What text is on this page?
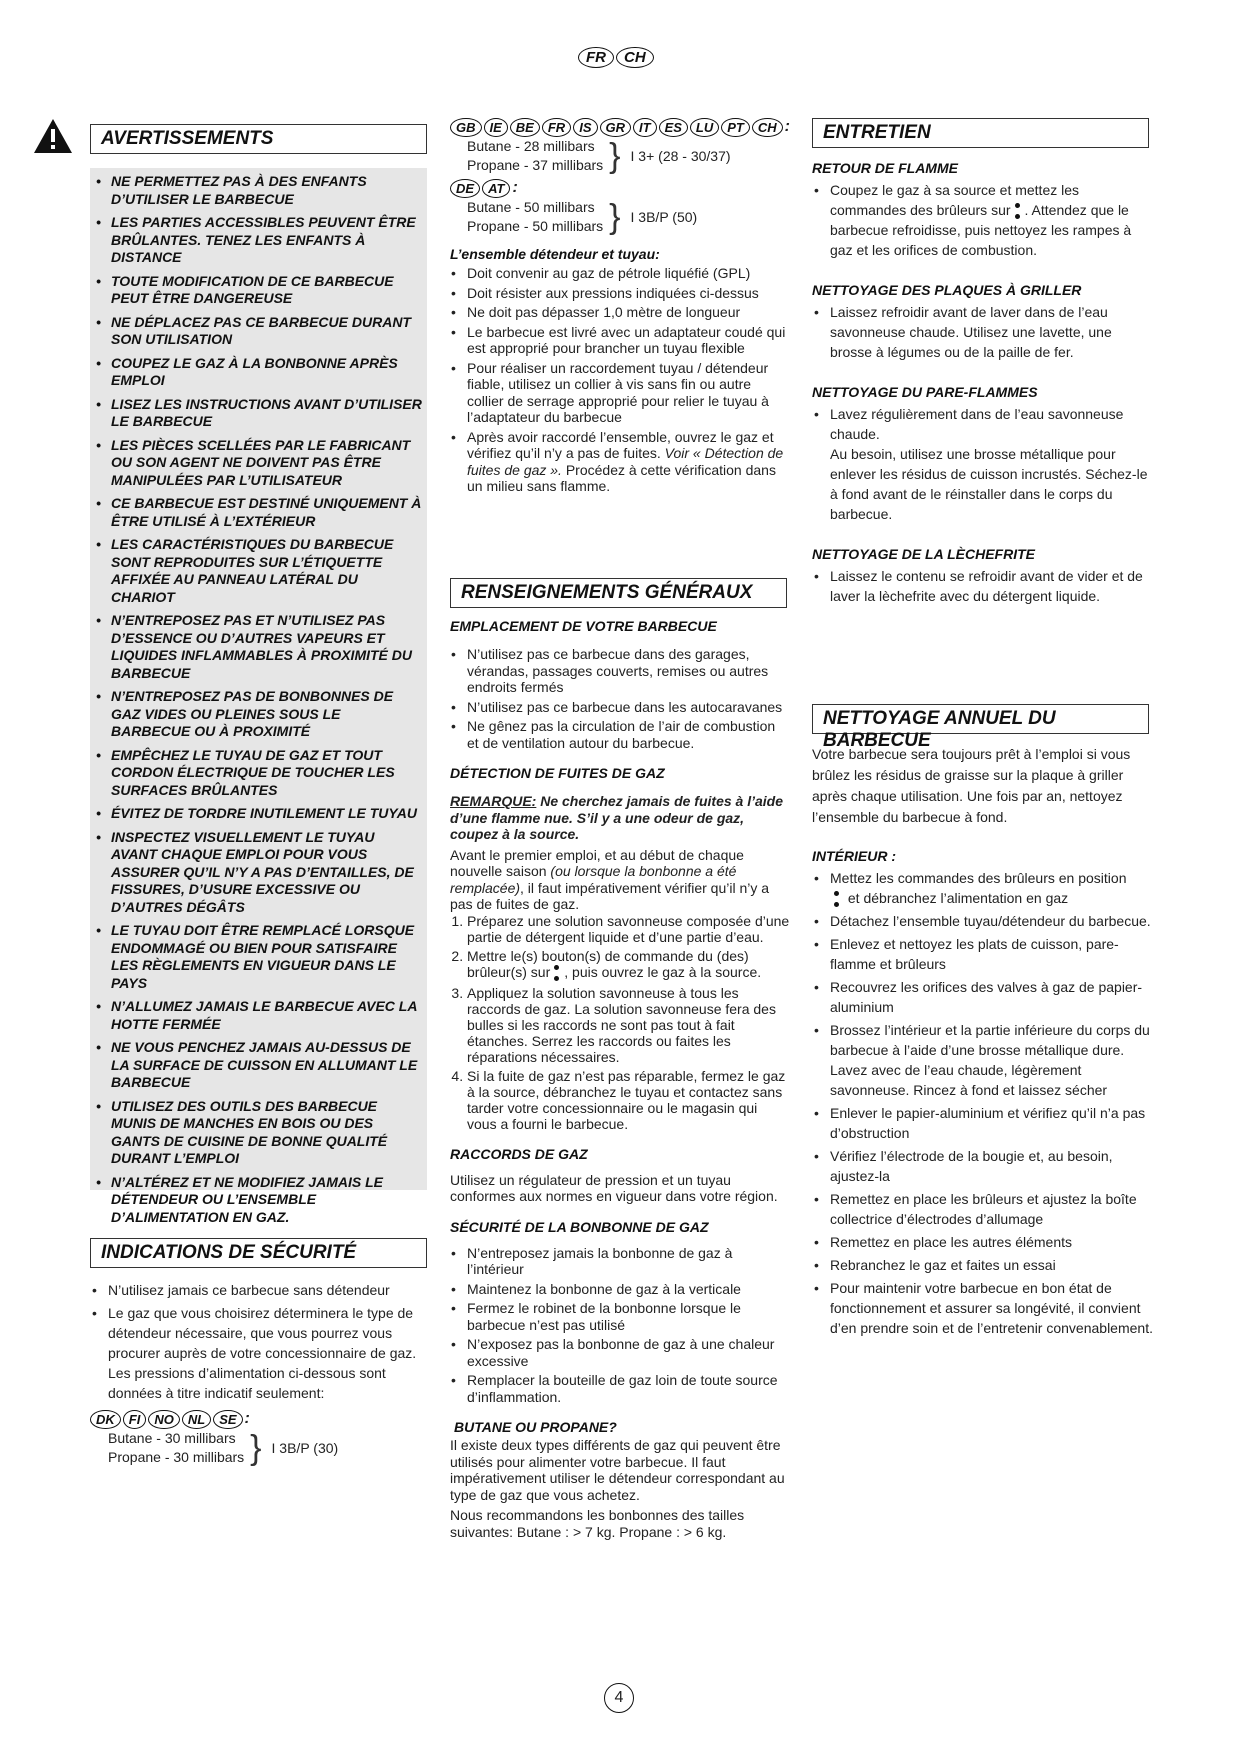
FR	CH
AVERTISSEMENTS
• NE PERMETTEZ PAS À DES ENFANTS D’UTILISER LE BARBECUE
• LES PARTIES ACCESSIBLES PEUVENT ÊTRE BRÛLANTES. TENEZ LES ENFANTS À DISTANCE
• TOUTE MODIFICATION DE CE BARBECUE PEUT ÊTRE DANGEREUSE
• NE DÉPLACEZ PAS CE BARBECUE DURANT SON UTILISATION
• COUPEZ LE GAZ À LA BONBONNE APRÈS EMPLOI
• LISEZ LES INSTRUCTIONS AVANT D’UTILISER LE BARBECUE
• LES PIÈCES SCELLÉES PAR LE FABRICANT OU SON AGENT NE DOIVENT PAS ÊTRE MANIPULÉES PAR L’UTILISATEUR
• CE BARBECUE EST DESTINÉ UNIQUEMENT À ÊTRE UTILISÉ À L’EXTÉRIEUR
• LES CARACTÉRISTIQUES DU BARBECUE SONT REPRODUITES SUR L’ÉTIQUETTE AFFIXÉE AU PANNEAU LATÉRAL DU CHARIOT
• N’ENTREPOSEZ PAS ET N’UTILISEZ PAS D’ESSENCE OU D’AUTRES VAPEURS ET LIQUIDES INFLAMMABLES À PROXIMITÉ DU BARBECUE
• N’ENTREPOSEZ PAS DE BONBONNES DE GAZ VIDES OU PLEINES SOUS LE BARBECUE OU À PROXIMITÉ
• EMPÊCHEZ LE TUYAU DE GAZ ET TOUT CORDON ÉLECTRIQUE DE TOUCHER LES SURFACES BRÛLANTES
• ÉVITEZ DE TORDRE INUTILEMENT LE TUYAU
• INSPECTEZ VISUELLEMENT LE TUYAU AVANT CHAQUE EMPLOI POUR VOUS ASSURER QU’IL N’Y A PAS D’ENTAILLES, DE FISSURES, D’USURE EXCESSIVE OU D’AUTRES DÉGÂTS
• LE TUYAU DOIT ÊTRE REMPLACÉ LORSQUE ENDOMMAGÉ OU BIEN POUR SATISFAIRE LES RÈGLEMENTS EN VIGUEUR DANS LE PAYS
• N’ALLUMEZ JAMAIS LE BARBECUE AVEC LA HOTTE FERMÉE
• NE VOUS PENCHEZ JAMAIS AU-DESSUS DE LA SURFACE DE CUISSON EN ALLUMANT LE BARBECUE
• UTILISEZ DES OUTILS DES BARBECUE MUNIS DE MANCHES EN BOIS OU DES GANTS DE CUISINE DE BONNE QUALITÉ DURANT L’EMPLOI
• N’ALTÉREZ ET NE MODIFIEZ JAMAIS LE DÉTENDEUR OU L’ENSEMBLE D’ALIMENTATION EN GAZ.
INDICATIONS DE SÉCURITÉ
• N’utilisez jamais ce barbecue sans détendeur
• Le gaz que vous choisirez déterminera le type de détendeur nécessaire, que vous pourrez vous procurer auprès de votre concessionnaire de gaz. Les pressions d’alimentation ci-dessous sont données à titre indicatif seulement:
DK	FI	NO	NL	SE :
Butane - 30 millibars
Propane - 30 millibars } I 3B/P (30)
GB	IE	BE	FR	IS	GR	IT	ES	LU	PT	CH :
Butane - 28 millibars
Propane - 37 millibars } I 3+ (28 - 30/37)
DE	AT :
Butane - 50 millibars
Propane - 50 millibars } I 3B/P (50)

L’ensemble détendeur et tuyau:

• Doit convenir au gaz de pétrole liquéfié (GPL)
• Doit résister aux pressions indiquées ci-dessus
• Ne doit pas dépasser 1,0 mètre de longueur
• Le barbecue est livré avec un adaptateur coudé qui est approprié pour brancher un tuyau flexible
• Pour réaliser un raccordement tuyau / détendeur fiable, utilisez un collier à vis sans fin ou autre collier de serrage approprié pour relier le tuyau à l’adaptateur du barbecue
• Après avoir raccordé l’ensemble, ouvrez le gaz et vérifiez qu’il n’y a pas de fuites. Voir « Détection de fuites de gaz ». Procédez à cette vérification dans un milieu sans flamme.
RENSEIGNEMENTS GÉNÉRAUX

EMPLACEMENT DE VOTRE BARBECUE

• N’utilisez pas ce barbecue dans des garages, vérandas, passages couverts, remises ou autres endroits fermés
• N’utilisez pas ce barbecue dans les autocaravanes
• Ne gênez pas la circulation de l’air de combustion et de ventilation autour du barbecue.

DÉTECTION DE FUITES DE GAZ

REMARQUE: Ne cherchez jamais de fuites à l’aide d’une flamme nue. S’il y a une odeur de gaz, coupez à la source.

Avant le premier emploi, et au début de chaque nouvelle saison (ou lorsque la bonbonne a été remplacée), il faut impérativement vérifier qu’il n’y a pas de fuites de gaz.

1. Préparez une solution savonneuse composée d’une partie de détergent liquide et d’une partie d’eau.
2. Mettre le(s) bouton(s) de commande du (des) brûleur(s) sur , puis ouvrez le gaz à la source.
3. Appliquez la solution savonneuse à tous les raccords de gaz. La solution savonneuse fera des bulles si les raccords ne sont pas tout à fait étanches. Serrez les raccords ou faites les réparations nécessaires.
4. Si la fuite de gaz n’est pas réparable, fermez le gaz à la source, débranchez le tuyau et contactez sans tarder votre concessionnaire ou le magasin qui vous a fourni le barbecue.

RACCORDS DE GAZ

Utilisez un régulateur de pression et un tuyau conformes aux normes en vigueur dans votre région.

SÉCURITÉ DE LA BONBONNE DE GAZ

• N’entreposez jamais la bonbonne de gaz à l’intérieur
• Maintenez la bonbonne de gaz à la verticale
• Fermez le robinet de la bonbonne lorsque le barbecue n’est pas utilisé
• N’exposez pas la bonbonne de gaz à une chaleur excessive
• Remplacer la bouteille de gaz loin de toute source d’inflammation.

BUTANE OU PROPANE?

Il existe deux types différents de gaz qui peuvent être utilisés pour alimenter votre barbecue. Il faut impérativement utiliser le détendeur correspondant au type de gaz que vous achetez.

Nous recommandons les bonbonnes des tailles suivantes: Butane : > 7 kg. Propane : > 6 kg.

ENTRETIEN

RETOUR DE FLAMME

• Coupez le gaz à sa source et mettez les commandes des brûleurs sur . Attendez que le barbecue refroidisse, puis nettoyez les rampes à gaz et les orifices de combustion.

NETTOYAGE DES PLAQUES À GRILLER

• Laissez refroidir avant de laver dans de l’eau savonneuse chaude. Utilisez une lavette, une brosse à légumes ou de la paille de fer.

NETTOYAGE DU PARE-FLAMMES

• Lavez régulièrement dans de l’eau savonneuse chaude.
Au besoin, utilisez une brosse métallique pour enlever les résidus de cuisson incrustés. Séchez-le à fond avant de le réinstaller dans le corps du barbecue.

NETTOYAGE DE LA LÈCHEFRITE

• Laissez le contenu se refroidir avant de vider et de laver la lèchefrite avec du détergent liquide.
NETTOYAGE ANNUEL DU BARBECUE

Votre barbecue sera toujours prêt à l’emploi si vous brûlez les résidus de graisse sur la plaque à griller après chaque utilisation. Une fois par an, nettoyez l’ensemble du barbecue à fond.

INTÉRIEUR :

• Mettez les commandes des brûleurs en position
et débranchez l’alimentation en gaz
• Détachez l’ensemble tuyau/détendeur du barbecue.
• Enlevez et nettoyez les plats de cuisson, pare-flamme et brûleurs
• Recouvrez les orifices des valves à gaz de papier-aluminium
• Brossez l’intérieur et la partie inférieure du corps du barbecue à l’aide d’une brosse métallique dure. Lavez avec de l’eau chaude, légèrement savonneuse. Rincez à fond et laissez sécher
• Enlever le papier-aluminium et vérifiez qu’il n’a pas d’obstruction
• Vérifiez l’électrode de la bougie et, au besoin, ajustez-la
• Remettez en place les brûleurs et ajustez la boîte collectrice d’électrodes d’allumage
• Remettez en place les autres éléments
• Rebranchez le gaz et faites un essai
• Pour maintenir votre barbecue en bon état de fonctionnement et assurer sa longévité, il convient d’en prendre soin et de l’entretenir convenablement.
4
